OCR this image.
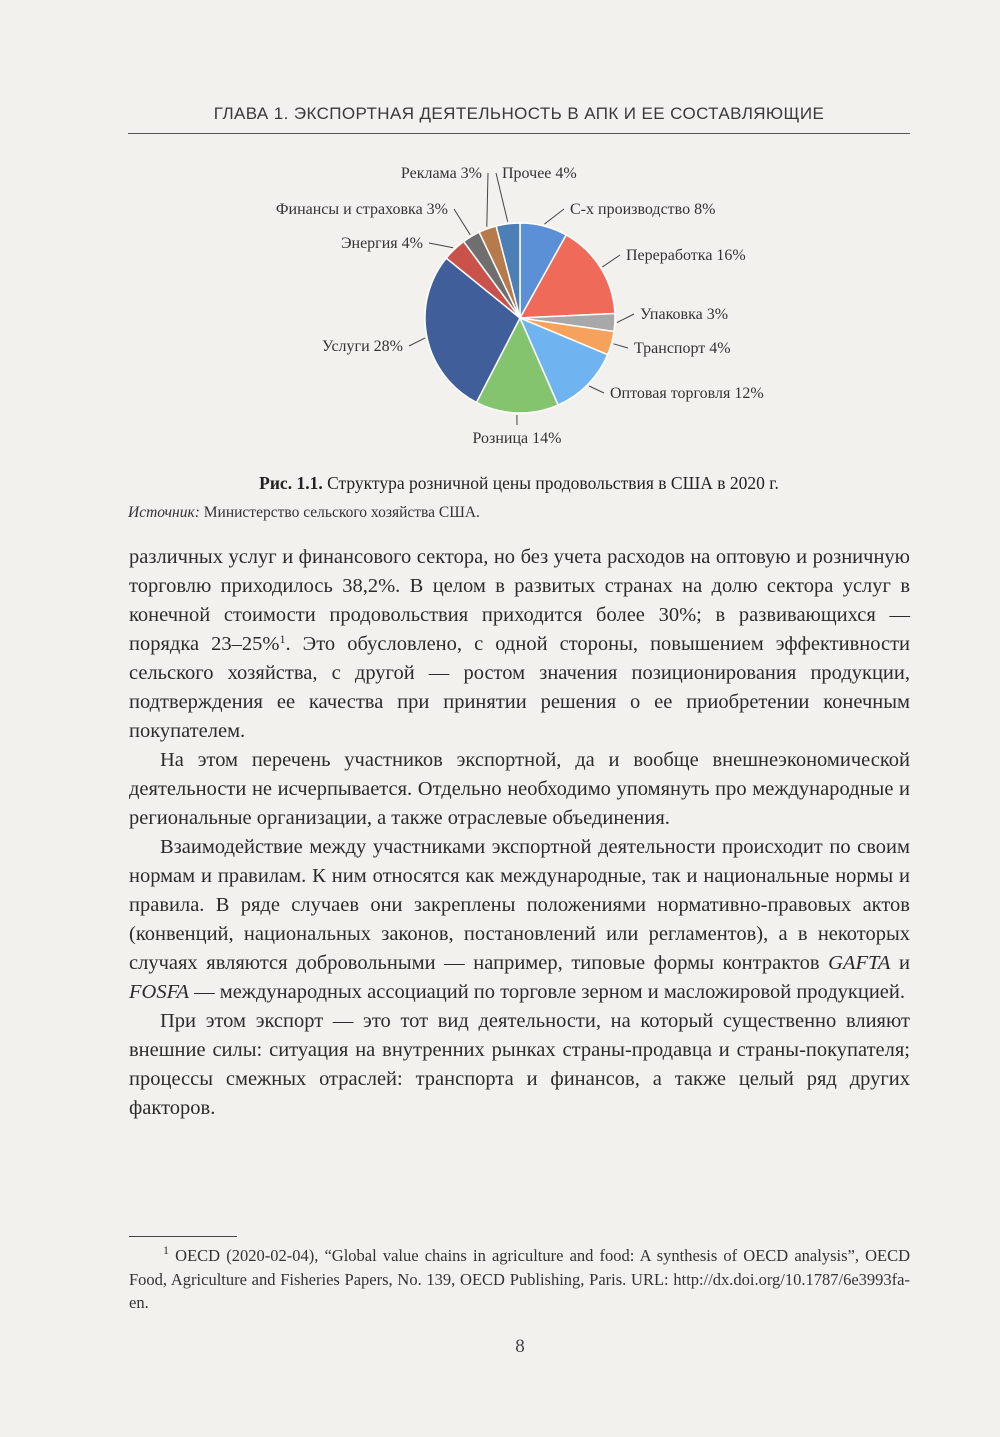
ГЛАВА 1. ЭКСПОРТНАЯ ДЕЯТЕЛЬНОСТЬ В АПК И ЕЕ СОСТАВЛЯЮЩИЕ
С-х производство 8%
Переработка 16%
Упаковка 3%
Транспорт 4%
Оптовая торговля 12%
Розница 14%
Услуги 28%
Энергия 4%
Финансы и страховка 3%
Реклама 3% Прочее 4%
Рис. 1.1. Структура розничной цены продовольствия в США в 2020 г.
Источник: Министерство сельского хозяйства США.

различных услуг и финансового сектора, но без учета расходов на оптовую и розничную торговлю приходилось 38,2%. В целом в развитых странах на долю сектора услуг в конечной стоимости продовольствия приходится более 30%; в развивающихся — порядка 23–25%$^1$. Это обусловлено, с одной стороны, повышением эффективности сельского хозяйства, с другой — ростом значения позиционирования продукции, подтверждения ее качества при принятии решения о ее приобретении конечным покупателем.

На этом перечень участников экспортной, да и вообще внешнеэкономической деятельности не исчерпывается. Отдельно необходимо упомянуть про международные и региональные организации, а также отраслевые объединения.

Взаимодействие между участниками экспортной деятельности происходит по своим нормам и правилам. К ним относятся как международные, так и национальные нормы и правила. В ряде случаев они закреплены положениями нормативно-правовых актов (конвенций, национальных законов, постановлений или регламентов), а в некоторых случаях являются добровольными — например, типовые формы контрактов GAFTA и FOSFA — международных ассоциаций по торговле зерном и масложировой продукцией.

При этом экспорт — это тот вид деятельности, на который существенно влияют внешние силы: ситуация на внутренних рынках страны-продавца и страны-покупателя; процессы смежных отраслей: транспорта и финансов, а также целый ряд других факторов.

$^1$ OECD (2020-02-04), “Global value chains in agriculture and food: A synthesis of OECD analysis”, OECD Food, Agriculture and Fisheries Papers, No. 139, OECD Publishing, Paris. URL: http://dx.doi.org/10.1787/6e3993fa-en.
8
